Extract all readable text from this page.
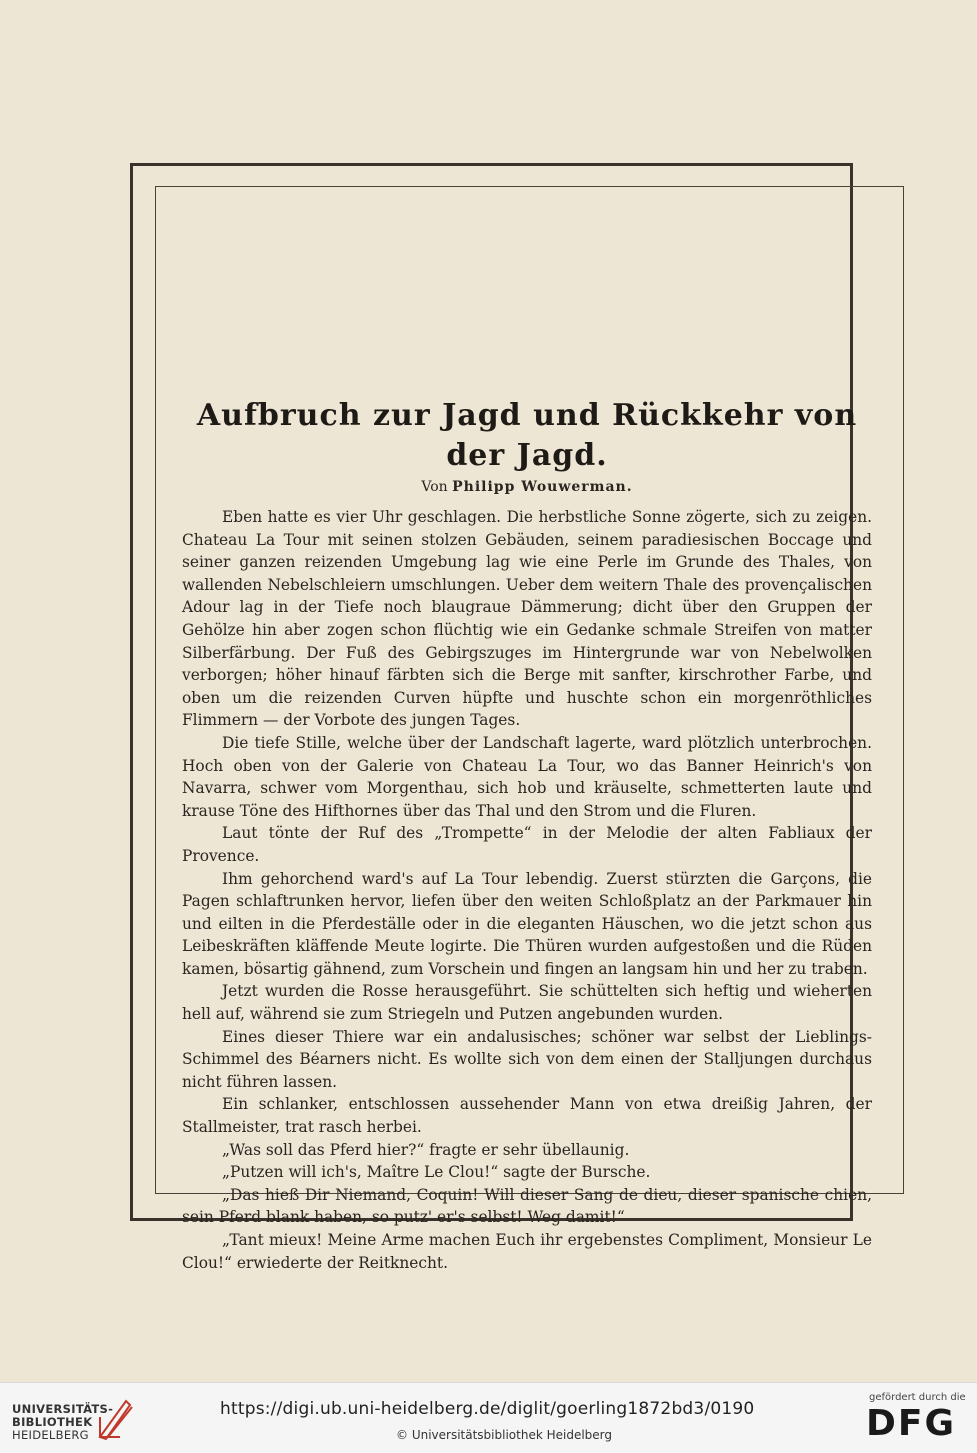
Aufbruch zur Jagd und Rückkehr von der Jagd.
Von Philipp Wouwerman.

Eben hatte es vier Uhr geschlagen. Die herbstliche Sonne zögerte, sich zu zeigen. Chateau La Tour mit seinen stolzen Gebäuden, seinem paradiesischen Boccage und seiner ganzen reizenden Umgebung lag wie eine Perle im Grunde des Thales, von wallenden Nebelschleiern umschlungen. Ueber dem weitern Thale des provençalischen Adour lag in der Tiefe noch blaugraue Dämmerung; dicht über den Gruppen der Gehölze hin aber zogen schon flüchtig wie ein Gedanke schmale Streifen von matter Silberfärbung. Der Fuß des Gebirgszuges im Hintergrunde war von Nebelwolken verborgen; höher hinauf färbten sich die Berge mit sanfter, kirschrother Farbe, und oben um die reizenden Curven hüpfte und huschte schon ein morgenröthliches Flimmern — der Vorbote des jungen Tages.

Die tiefe Stille, welche über der Landschaft lagerte, ward plötzlich unterbrochen. Hoch oben von der Galerie von Chateau La Tour, wo das Banner Heinrich's von Navarra, schwer vom Morgenthau, sich hob und kräuselte, schmetterten laute und krause Töne des Hifthornes über das Thal und den Strom und die Fluren.

Laut tönte der Ruf des „Trompette“ in der Melodie der alten Fabliaux der Provence.

Ihm gehorchend ward's auf La Tour lebendig. Zuerst stürzten die Garçons, die Pagen schlaftrunken hervor, liefen über den weiten Schloßplatz an der Parkmauer hin und eilten in die Pferdeställe oder in die eleganten Häuschen, wo die jetzt schon aus Leibeskräften kläffende Meute logirte. Die Thüren wurden aufgestoßen und die Rüden kamen, bösartig gähnend, zum Vorschein und fingen an langsam hin und her zu traben.

Jetzt wurden die Rosse herausgeführt. Sie schüttelten sich heftig und wieherten hell auf, während sie zum Striegeln und Putzen angebunden wurden.

Eines dieser Thiere war ein andalusisches; schöner war selbst der Lieblings-Schimmel des Béarners nicht. Es wollte sich von dem einen der Stalljungen durchaus nicht führen lassen.

Ein schlanker, entschlossen aussehender Mann von etwa dreißig Jahren, der Stallmeister, trat rasch herbei.

„Was soll das Pferd hier?“ fragte er sehr übellaunig.

„Putzen will ich's, Maître Le Clou!“ sagte der Bursche.

„Das hieß Dir Niemand, Coquin! Will dieser Sang de dieu, dieser spanische chien, sein Pferd blank haben, so putz' er's selbst! Weg damit!“

„Tant mieux! Meine Arme machen Euch ihr ergebenstes Compliment, Monsieur Le Clou!“ erwiederte der Reitknecht.

UNIVERSITÄTS-
BIBLIOTHEK
HEIDELBERG
https://digi.ub.uni-heidelberg.de/diglit/goerling1872bd3/0190
© Universitätsbibliothek Heidelberg
gefördert durch die
DFG
